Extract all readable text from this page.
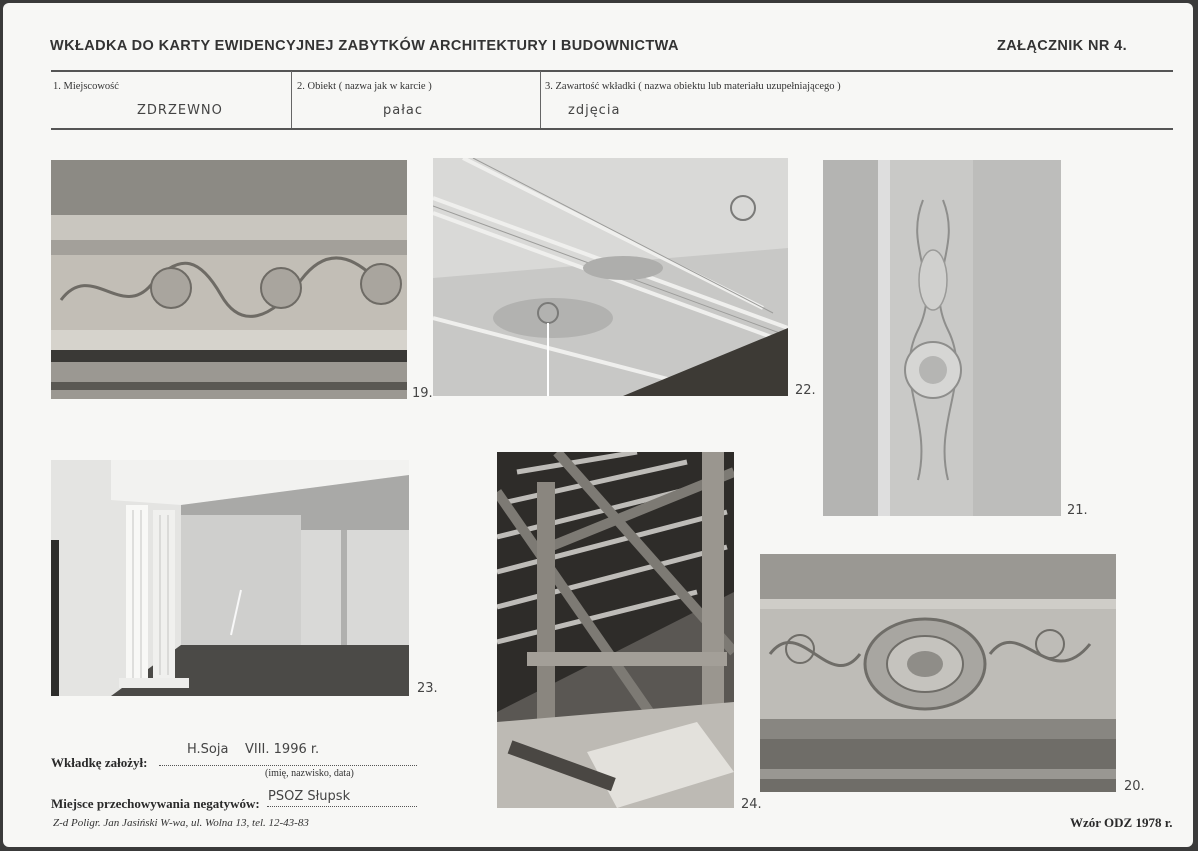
WKŁADKA DO KARTY EWIDENCYJNEJ ZABYTKÓW ARCHITEKTURY I BUDOWNICTWA	ZAŁĄCZNIK NR 4.
1. Miejscowość
ZDRZEWNO
2. Obiekt ( nazwa jak w karcie )
pałac
3. Zawartość wkładki ( nazwa obiektu lub materiału uzupełniającego )
zdjęcia
19.	22.
21.
23.
24.
20.
Wkładkę założył:
H.Soja    VIII. 1996 r.
(imię, nazwisko, data)
Miejsce przechowywania negatywów: PSOZ Słupsk
Z-d Poligr. Jan Jasiński W-wa, ul. Wolna 13, tel. 12-43-83	Wzór ODZ 1978 r.
